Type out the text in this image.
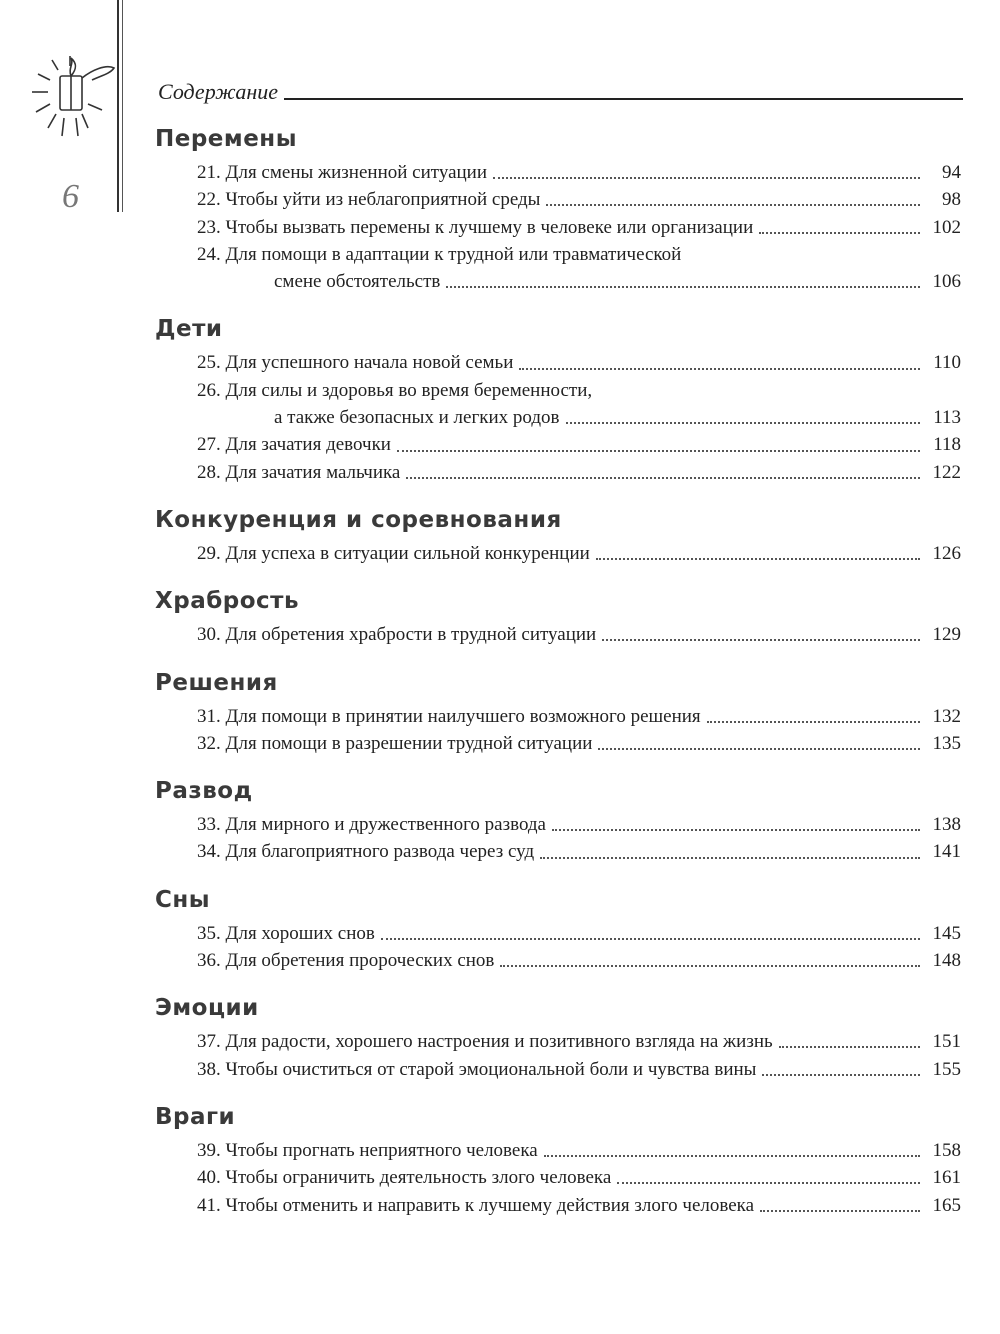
6
Содержание
Перемены
21.
Для смены жизненной ситуации	94
22.
Чтобы уйти из неблагоприятной среды	98
23.
Чтобы вызвать перемены к лучшему в человеке или организации	102
24.
Для помощи в адаптации к трудной или травматической
смене обстоятельств	106
Дети
25.
Для успешного начала новой семьи	110
26.
Для силы и здоровья во время беременности,
а также безопасных и легких родов	113
27.
Для зачатия девочки	118
28.
Для зачатия мальчика	122
Конкуренция и соревнования
29.
Для успеха в ситуации сильной конкуренции	126
Храбрость
30.
Для обретения храбрости в трудной ситуации	129
Решения
31.
Для помощи в принятии наилучшего возможного решения	132
32.
Для помощи в разрешении трудной ситуации	135
Развод
33.
Для мирного и дружественного развода	138
34.
Для благоприятного развода через суд	141
Сны
35.
Для хороших снов	145
36.
Для обретения пророческих снов	148
Эмоции
37.
Для радости, хорошего настроения и позитивного взгляда на жизнь	151
38.
Чтобы очиститься от старой эмоциональной боли и чувства вины	155
Враги
39.
Чтобы прогнать неприятного человека	158
40.
Чтобы ограничить деятельность злого человека	161
41.
Чтобы отменить и направить к лучшему действия злого человека	165
